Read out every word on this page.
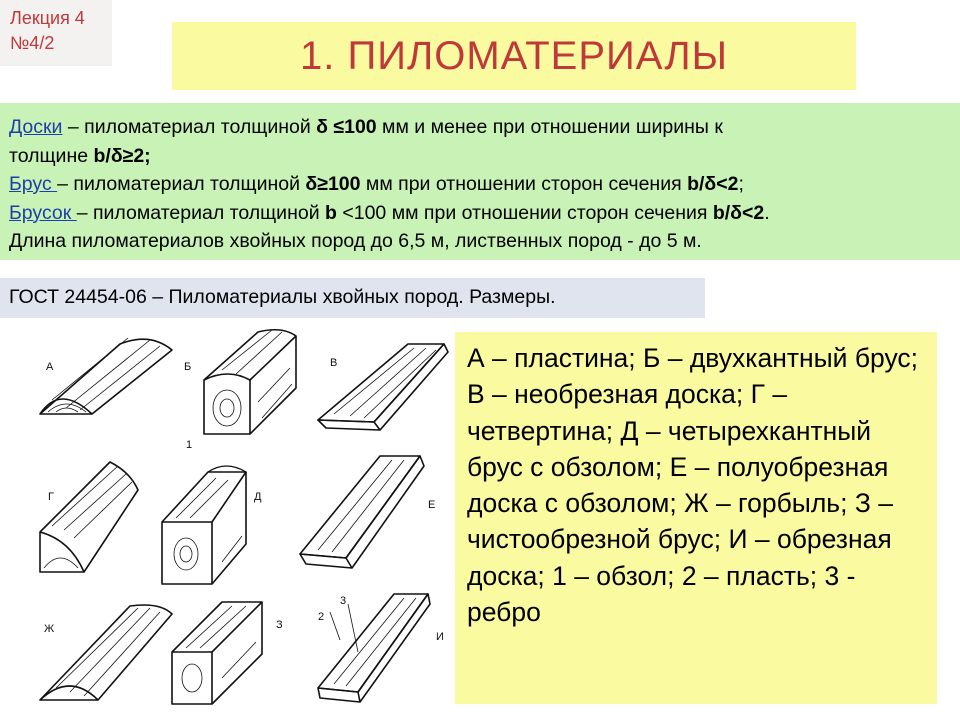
Лекция 4
№4/2	1. ПИЛОМАТЕРИАЛЫ

Доски – пиломатериал толщиной δ ≤100 мм и менее при отношении ширины к

толщине b/δ≥2;

Брус – пиломатериал толщиной δ≥100 мм при отношении сторон сечения b/δ<2;

Брусок – пиломатериал толщиной b <100 мм при отношении сторон сечения b/δ<2.

Длина пиломатериалов хвойных пород до 6,5 м, лиственных пород - до 5 м.

ГОСТ 24454-06 – Пиломатериалы хвойных пород. Размеры.
А	Б	В
1
Г	Д
Е
Ж	З
2
3
И
А – пластина; Б – двухкантный брус; В – необрезная доска; Г – четвертина; Д – четырехкантный брус с обзолом; Е – полуобрезная доска с обзолом; Ж – горбыль; З – чистообрезной брус; И – обрезная доска; 1 – обзол; 2 – пласть; 3 - ребро
